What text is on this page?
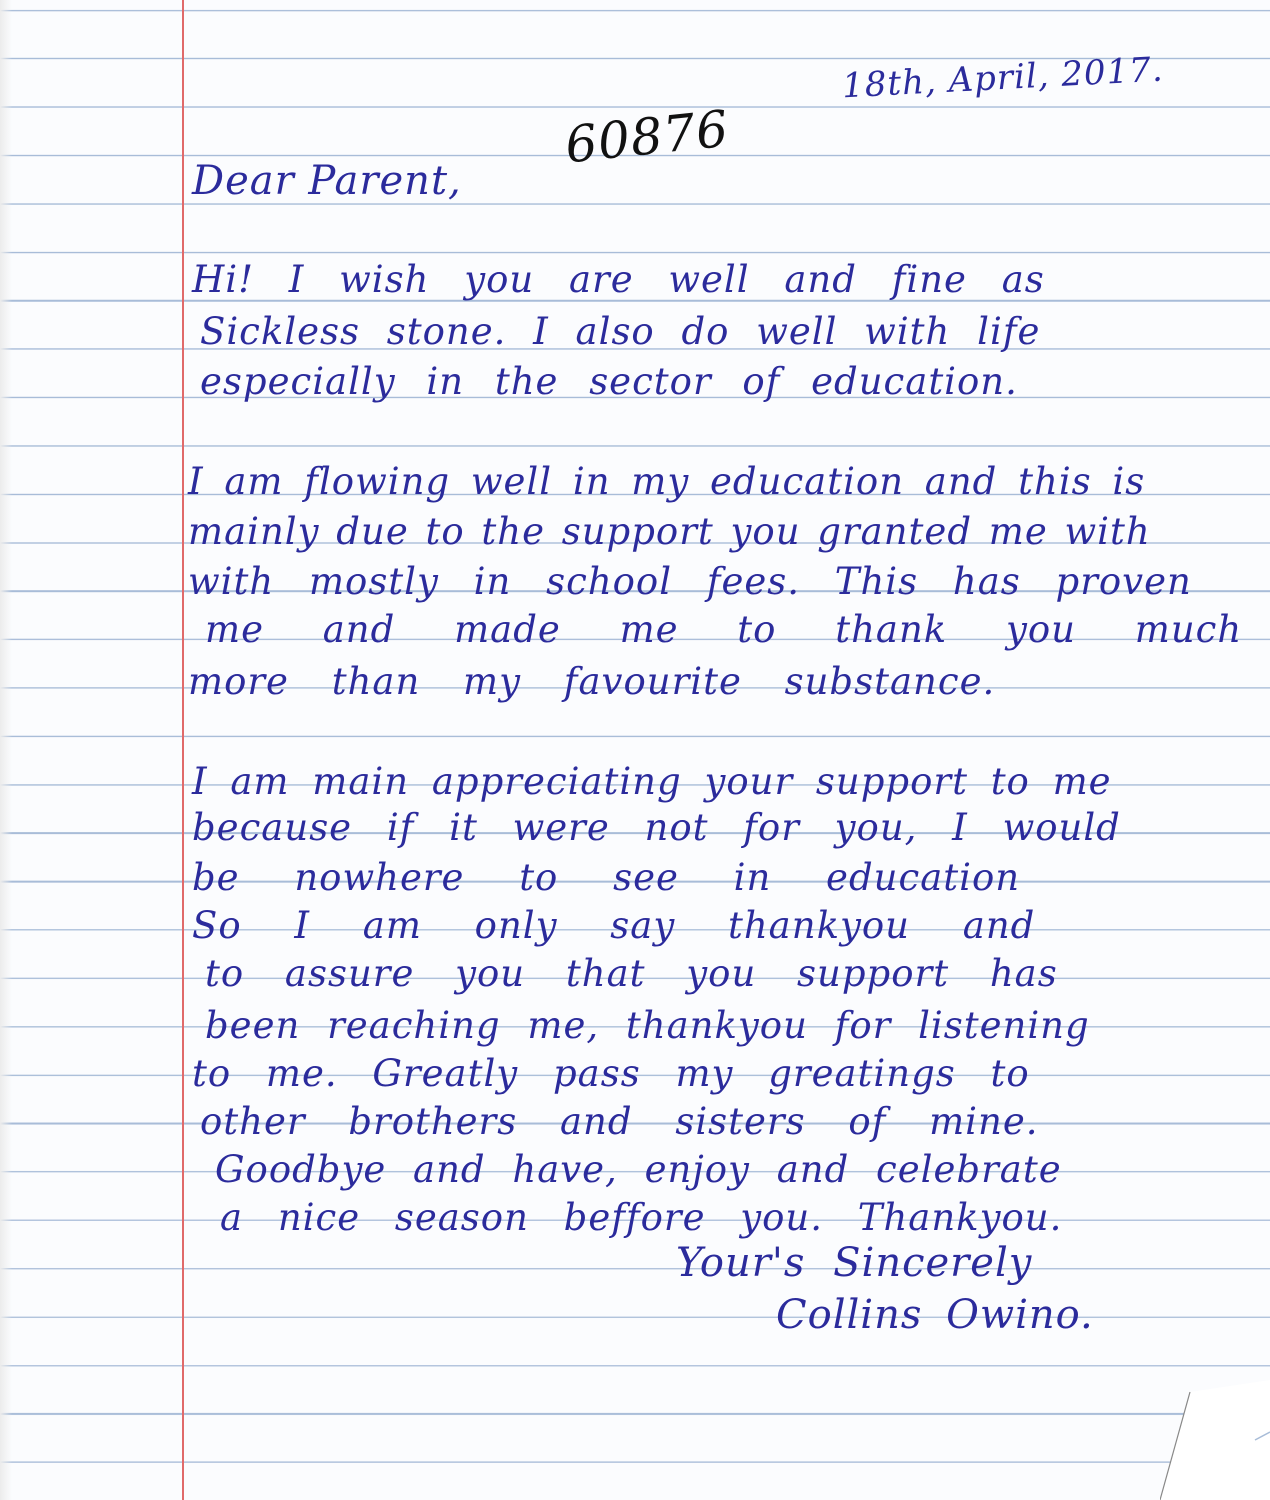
18th, April, 2017.
60876
Dear Parent,
Hi! I wish you are well and fine as
Sickless stone. I also do well with life
especially in the sector of education.
I am flowing well in my education and this is
mainly due to the support you granted me with
with mostly in school fees. This has proven
me and made me to thank you much
more than my favourite substance.
I am main appreciating your support to me
because if it were not for you, I would
be nowhere to see in education
So I am only say thankyou and
to assure you that you support has
been reaching me, thankyou for listening
to me. Greatly pass my greatings to
other brothers and sisters of mine.
Goodbye and have, enjoy and celebrate
a nice season beffore you. Thankyou.
Your's Sincerely
Collins Owino.
